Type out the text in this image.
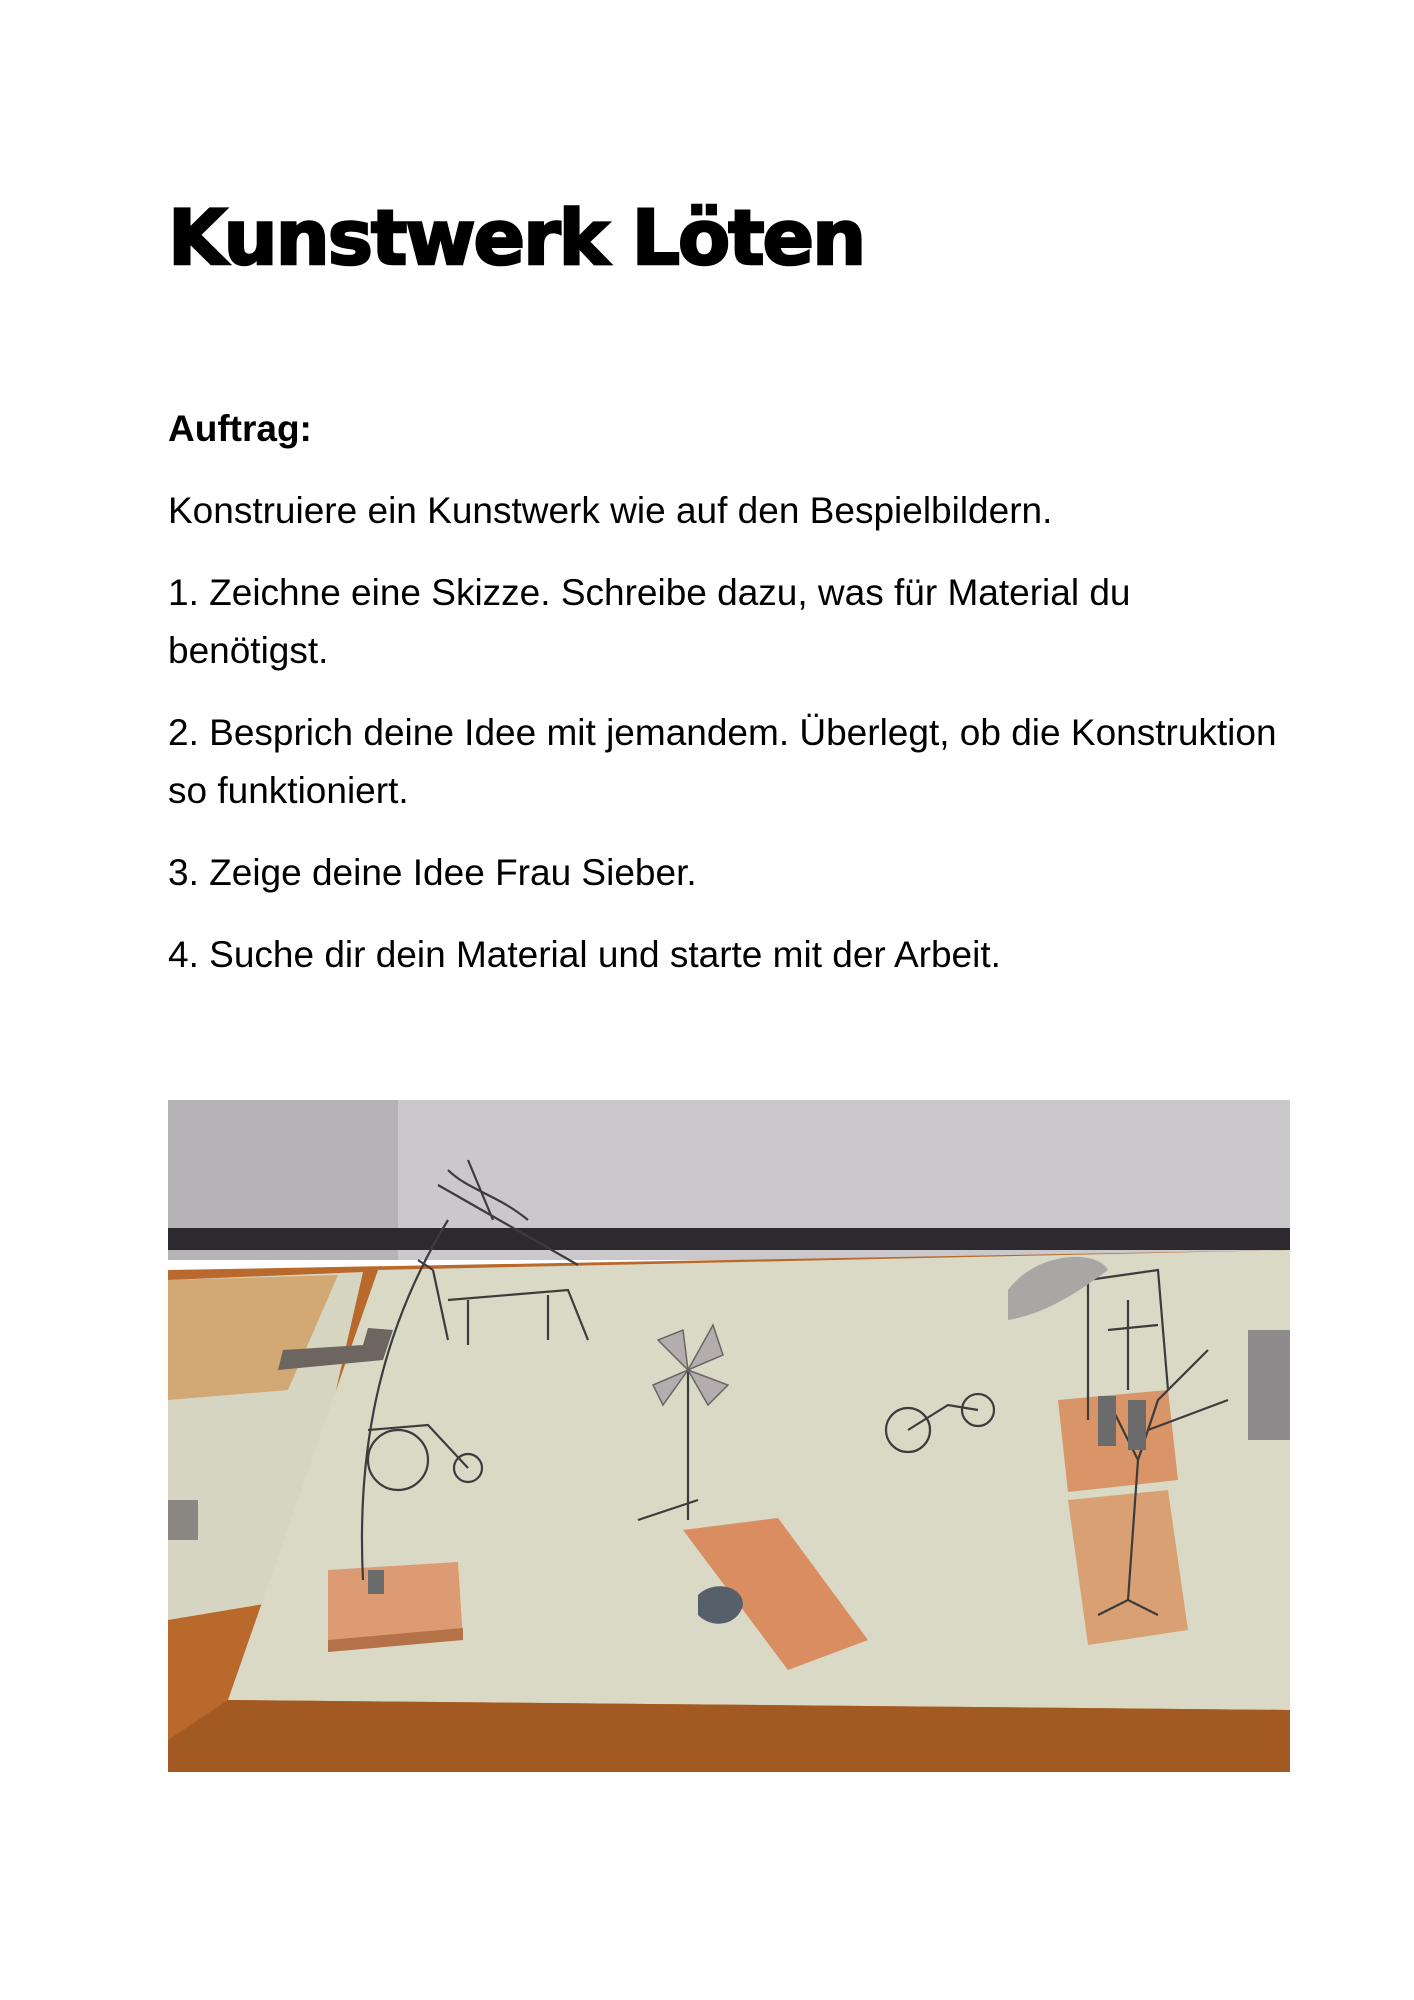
Kunstwerk Löten

Auftrag:

Konstruiere ein Kunstwerk wie auf den Bespielbildern.

1. Zeichne eine Skizze. Schreibe dazu, was für Material du benötigst.

2. Besprich deine Idee mit jemandem. Überlegt, ob die Konstruktion so funktioniert.

3. Zeige deine Idee Frau Sieber.

4. Suche dir dein Material und starte mit der Arbeit.
